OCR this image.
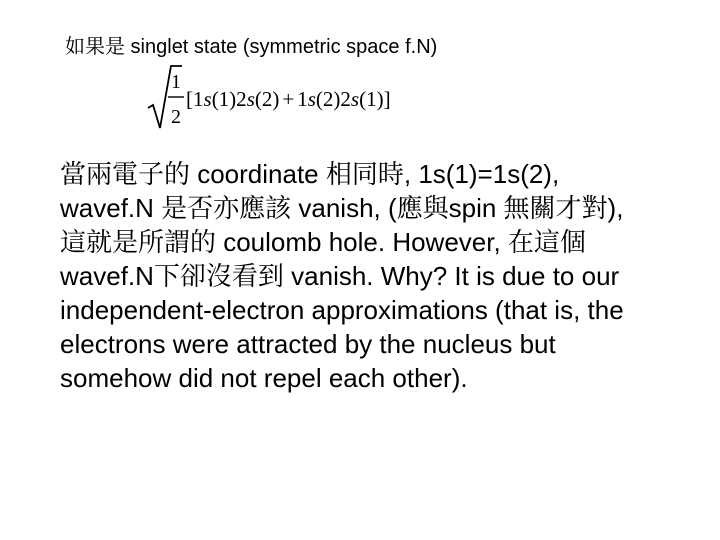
如果是 singlet state (symmetric space f.N)
1
2
[1s(1)2s(2) + 1s(2)2s(1)]
當兩電子的 coordinate 相同時, 1s(1)=1s(2),
wavef.N 是否亦應該 vanish, (應與spin 無關才對),
這就是所謂的 coulomb hole. However, 在這個
wavef.N下卻沒看到 vanish. Why? It is due to our
independent-electron approximations (that is, the
electrons were attracted by the nucleus but
somehow did not repel each other).
